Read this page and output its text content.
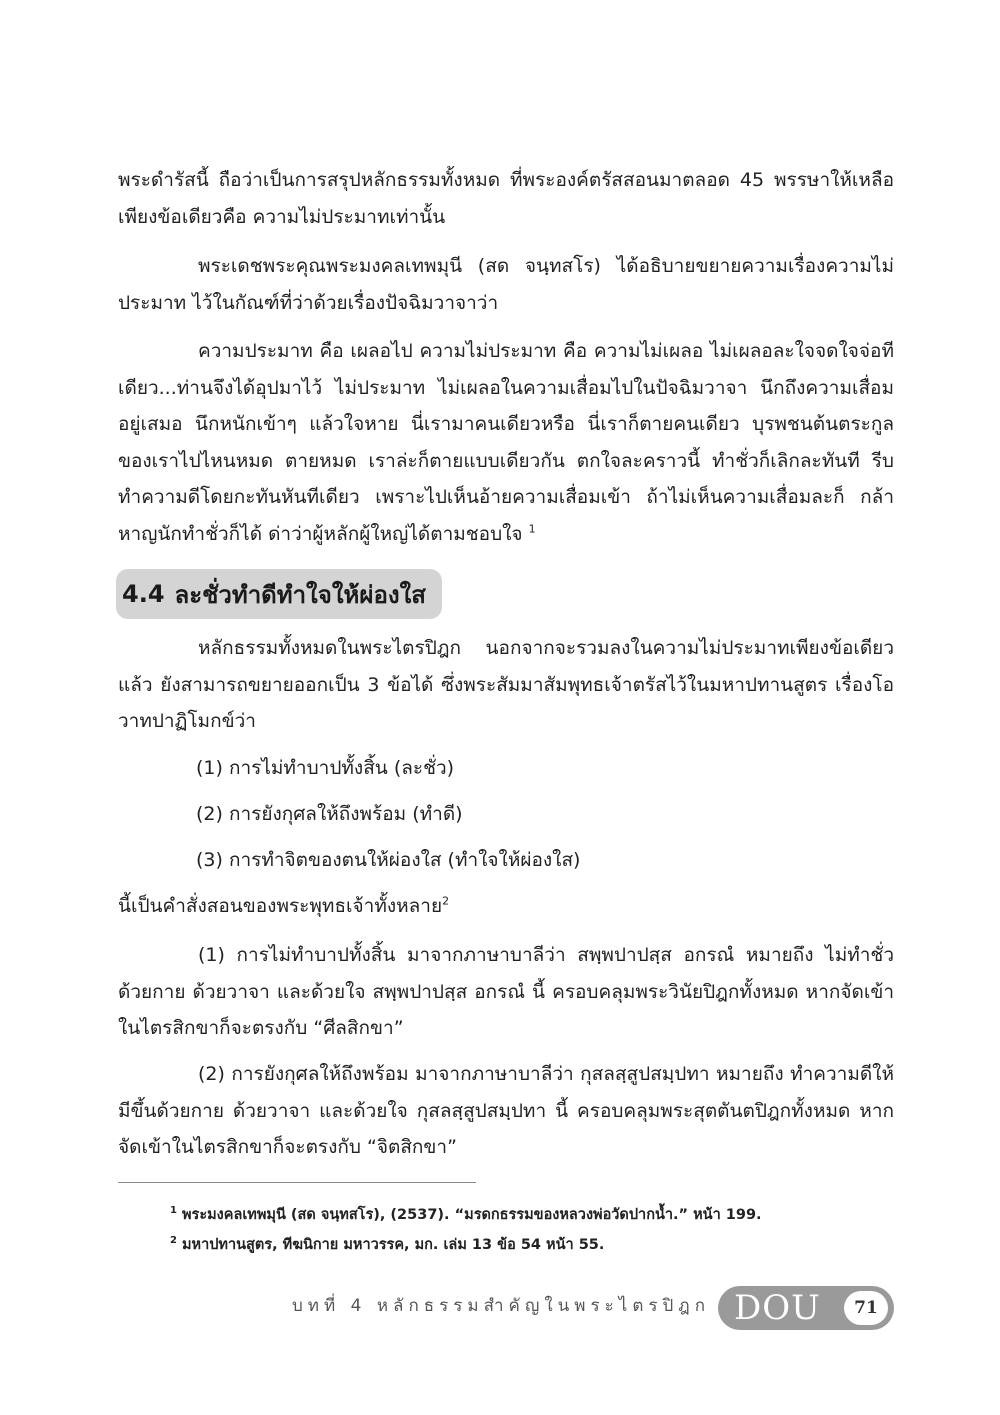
พระดำรัสนี้ ถือว่าเป็นการสรุปหลักธรรมทั้งหมด ที่พระองค์ตรัสสอนมาตลอด 45 พรรษาให้เหลือเพียงข้อเดียวคือ ความไม่ประมาทเท่านั้น

พระเดชพระคุณพระมงคลเทพมุนี (สด จนฺทสโร) ได้อธิบายขยายความเรื่องความไม่ประมาท ไว้ในกัณฑ์ที่ว่าด้วยเรื่องปัจฉิมวาจาว่า

ความประมาท คือ เผลอไป ความไม่ประมาท คือ ความไม่เผลอ ไม่เผลอละใจจดใจจ่อทีเดียว...ท่านจึงได้อุปมาไว้ ไม่ประมาท ไม่เผลอในความเสื่อมไปในปัจฉิมวาจา นึกถึงความเสื่อมอยู่เสมอ นึกหนักเข้าๆ แล้วใจหาย นี่เรามาคนเดียวหรือ นี่เราก็ตายคนเดียว บุรพชนต้นตระกูลของเราไปไหนหมด ตายหมด เราล่ะก็ตายแบบเดียวกัน ตกใจละคราวนี้ ทำชั่วก็เลิกละทันที รีบทำความดีโดยกะทันหันทีเดียว เพราะไปเห็นอ้ายความเสื่อมเข้า ถ้าไม่เห็นความเสื่อมละก็ กล้าหาญนักทำชั่วก็ได้ ด่าว่าผู้หลักผู้ใหญ่ได้ตามชอบใจ $^1$

4.4 ละชั่วทำดีทำใจให้ผ่องใส

หลักธรรมทั้งหมดในพระไตรปิฎก นอกจากจะรวมลงในความไม่ประมาทเพียงข้อเดียวแล้ว ยังสามารถขยายออกเป็น 3 ข้อได้ ซึ่งพระสัมมาสัมพุทธเจ้าตรัสไว้ในมหาปทานสูตร เรื่องโอวาทปาฏิโมกข์ว่า

(1) การไม่ทำบาปทั้งสิ้น (ละชั่ว)

(2) การยังกุศลให้ถึงพร้อม (ทำดี)

(3) การทำจิตของตนให้ผ่องใส (ทำใจให้ผ่องใส)

นี้เป็นคำสั่งสอนของพระพุทธเจ้าทั้งหลาย$^2$

(1) การไม่ทำบาปทั้งสิ้น มาจากภาษาบาลีว่า สพฺพปาปสฺส อกรณํ หมายถึง ไม่ทำชั่วด้วยกาย ด้วยวาจา และด้วยใจ สพฺพปาปสฺส อกรณํ นี้ ครอบคลุมพระวินัยปิฎกทั้งหมด หากจัดเข้าในไตรสิกขาก็จะตรงกับ “ศีลสิกขา”

(2) การยังกุศลให้ถึงพร้อม มาจากภาษาบาลีว่า กุสลสฺสูปสมฺปทา หมายถึง ทำความดีให้มีขึ้นด้วยกาย ด้วยวาจา และด้วยใจ กุสลสฺสูปสมฺปทา นี้ ครอบคลุมพระสุตตันตปิฎกทั้งหมด หากจัดเข้าในไตรสิกขาก็จะตรงกับ “จิตสิกขา”

$^1$ พระมงคลเทพมุนี (สด จนฺทสโร), (2537). “มรดกธรรมของหลวงพ่อวัดปากน้ำ.” หน้า 199.
$^2$ มหาปทานสูตร, ทีฆนิกาย มหาวรรค, มก. เล่ม 13 ข้อ 54 หน้า 55.
บทที่ 4 หลักธรรมสำคัญในพระไตรปิฎก DOU	71
